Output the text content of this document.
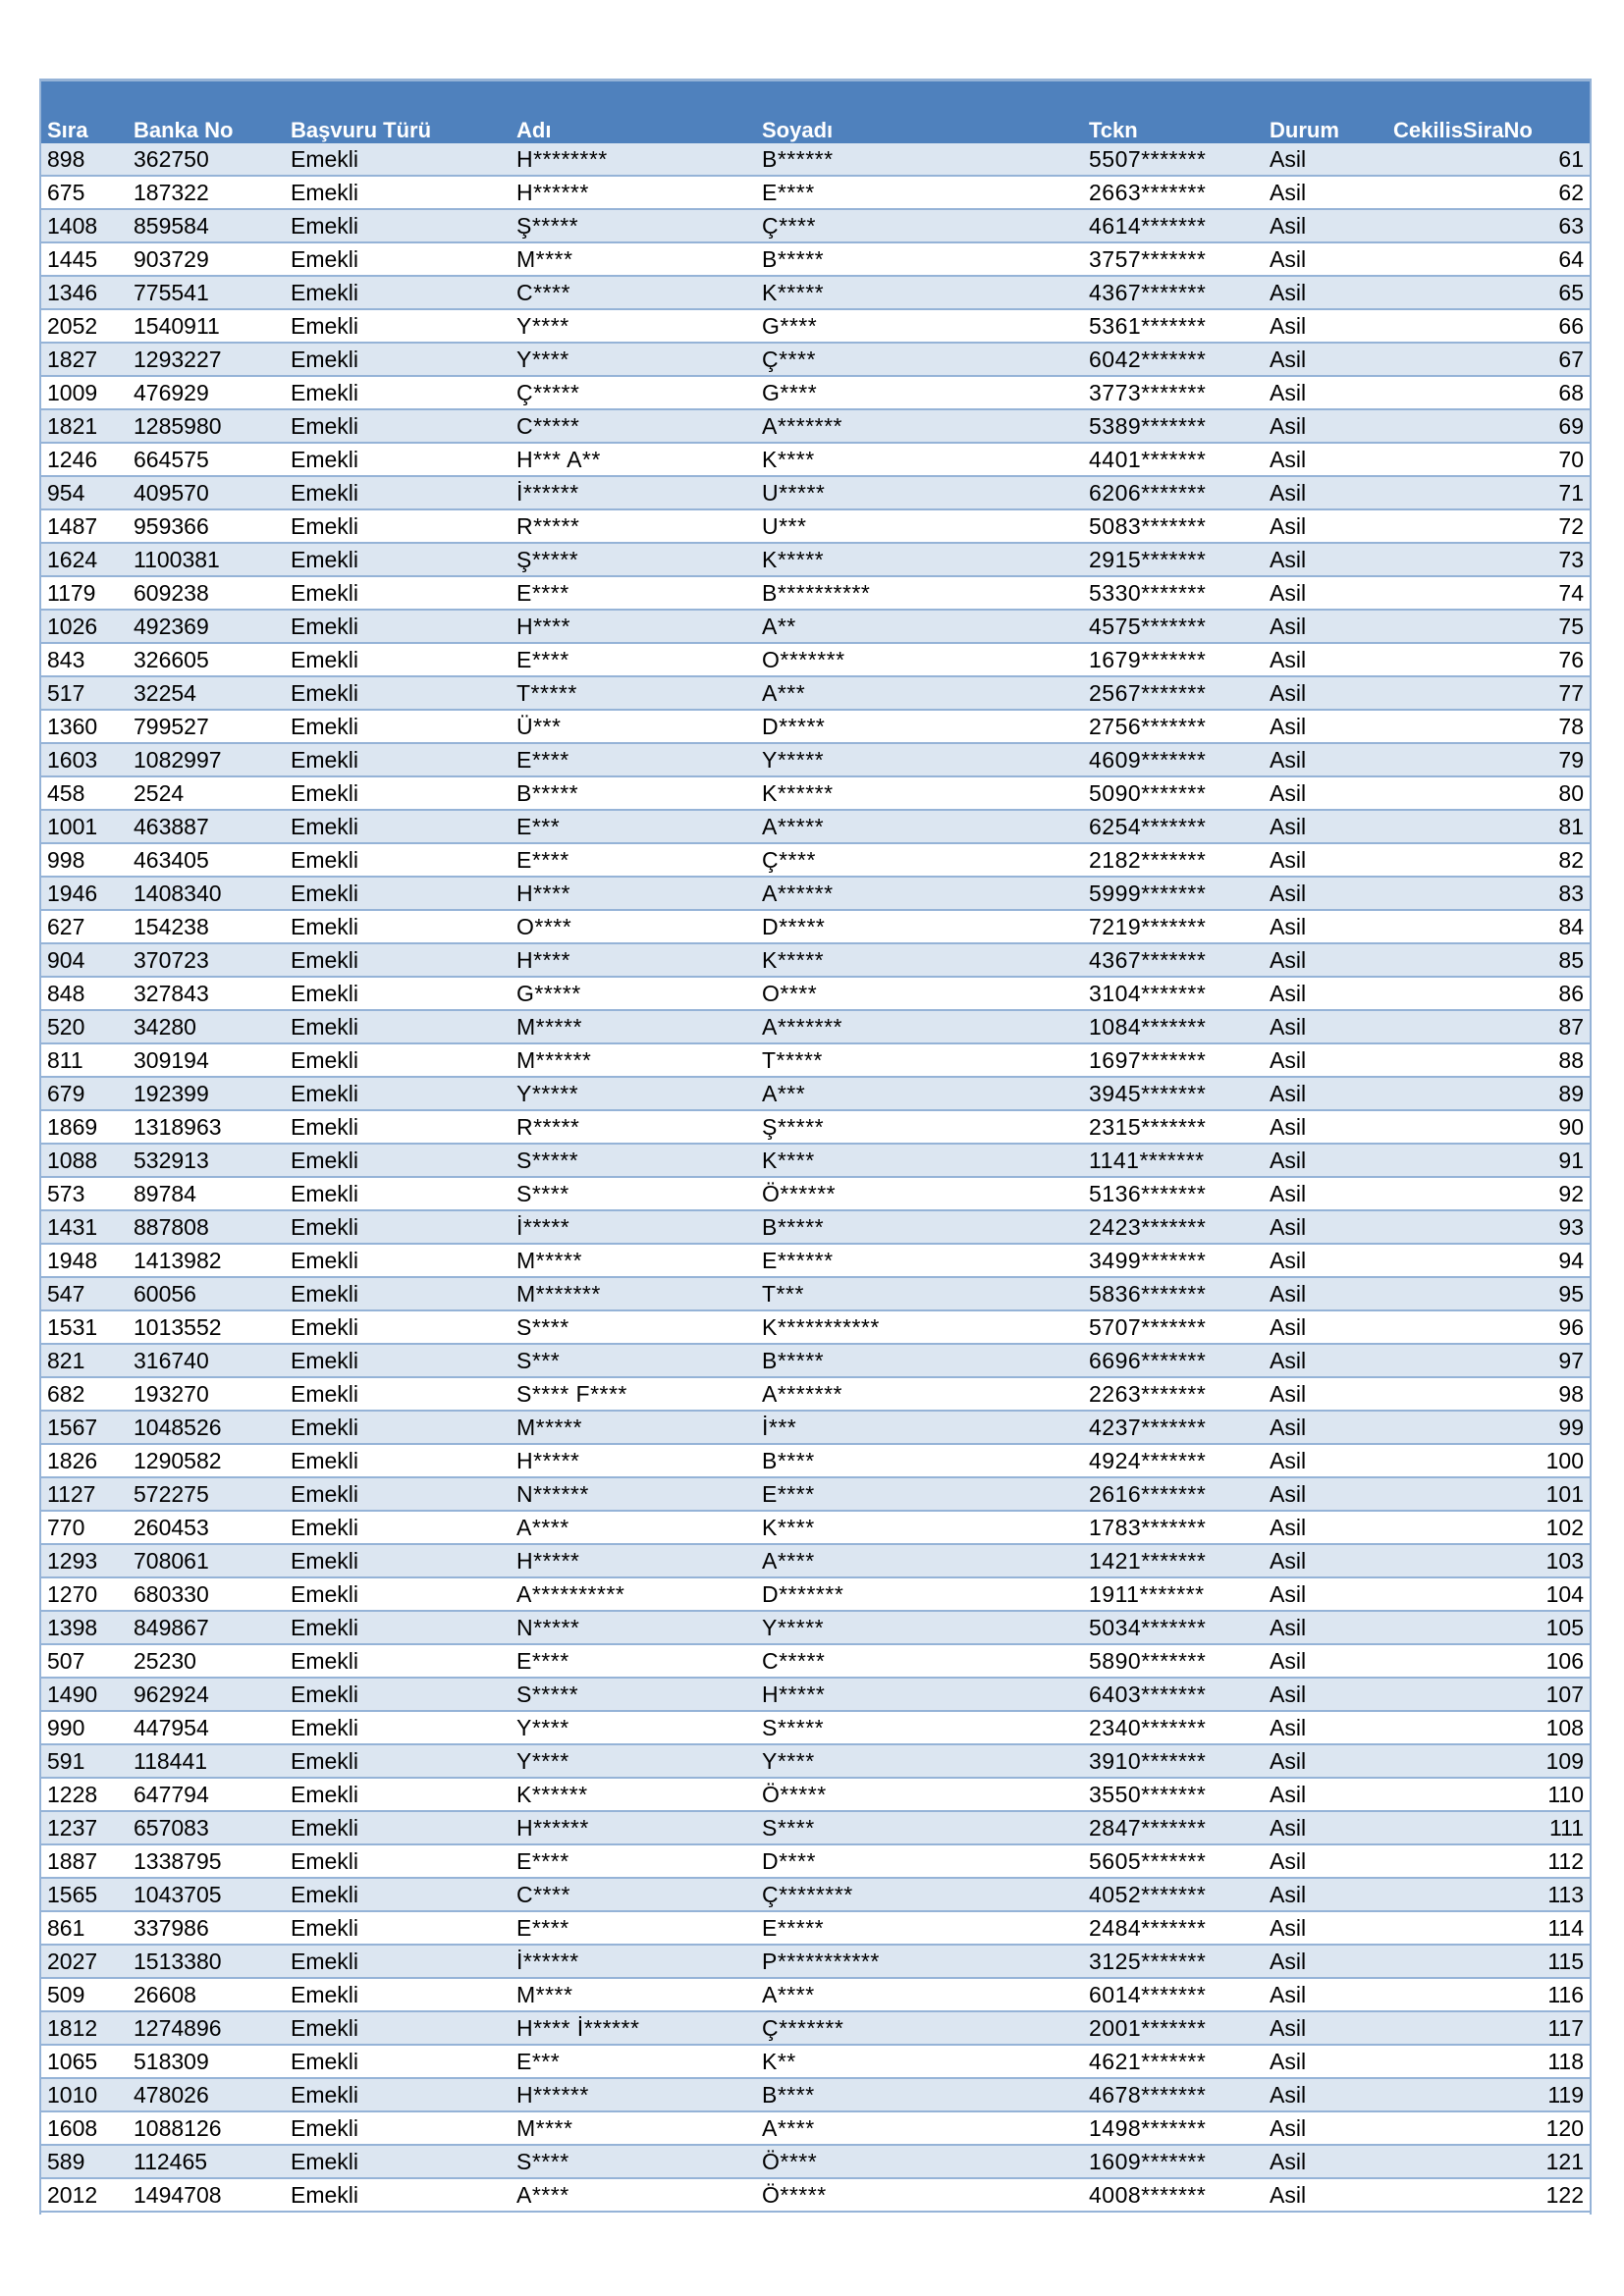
Sıra	Banka No	Başvuru Türü	Adı	Soyadı	Tckn	Durum	CekilisSiraNo
898	362750	Emekli	H********	B******	5507*******	Asil	61
675	187322	Emekli	H******	E****	2663*******	Asil	62
1408	859584	Emekli	Ş*****	Ç****	4614*******	Asil	63
1445	903729	Emekli	M****	B*****	3757*******	Asil	64
1346	775541	Emekli	C****	K*****	4367*******	Asil	65
2052	1540911	Emekli	Y****	G****	5361*******	Asil	66
1827	1293227	Emekli	Y****	Ç****	6042*******	Asil	67
1009	476929	Emekli	Ç*****	G****	3773*******	Asil	68
1821	1285980	Emekli	C*****	A*******	5389*******	Asil	69
1246	664575	Emekli	H*** A**	K****	4401*******	Asil	70
954	409570	Emekli	İ******	U*****	6206*******	Asil	71
1487	959366	Emekli	R*****	U***	5083*******	Asil	72
1624	1100381	Emekli	Ş*****	K*****	2915*******	Asil	73
1179	609238	Emekli	E****	B**********	5330*******	Asil	74
1026	492369	Emekli	H****	A**	4575*******	Asil	75
843	326605	Emekli	E****	O*******	1679*******	Asil	76
517	32254	Emekli	T*****	A***	2567*******	Asil	77
1360	799527	Emekli	Ü***	D*****	2756*******	Asil	78
1603	1082997	Emekli	E****	Y*****	4609*******	Asil	79
458	2524	Emekli	B*****	K******	5090*******	Asil	80
1001	463887	Emekli	E***	A*****	6254*******	Asil	81
998	463405	Emekli	E****	Ç****	2182*******	Asil	82
1946	1408340	Emekli	H****	A******	5999*******	Asil	83
627	154238	Emekli	O****	D*****	7219*******	Asil	84
904	370723	Emekli	H****	K*****	4367*******	Asil	85
848	327843	Emekli	G*****	O****	3104*******	Asil	86
520	34280	Emekli	M*****	A*******	1084*******	Asil	87
811	309194	Emekli	M******	T*****	1697*******	Asil	88
679	192399	Emekli	Y*****	A***	3945*******	Asil	89
1869	1318963	Emekli	R*****	Ş*****	2315*******	Asil	90
1088	532913	Emekli	S*****	K****	1141*******	Asil	91
573	89784	Emekli	S****	Ö******	5136*******	Asil	92
1431	887808	Emekli	İ*****	B*****	2423*******	Asil	93
1948	1413982	Emekli	M*****	E******	3499*******	Asil	94
547	60056	Emekli	M*******	T***	5836*******	Asil	95
1531	1013552	Emekli	S****	K***********	5707*******	Asil	96
821	316740	Emekli	S***	B*****	6696*******	Asil	97
682	193270	Emekli	S**** F****	A*******	2263*******	Asil	98
1567	1048526	Emekli	M*****	İ***	4237*******	Asil	99
1826	1290582	Emekli	H*****	B****	4924*******	Asil	100
1127	572275	Emekli	N******	E****	2616*******	Asil	101
770	260453	Emekli	A****	K****	1783*******	Asil	102
1293	708061	Emekli	H*****	A****	1421*******	Asil	103
1270	680330	Emekli	A**********	D*******	1911*******	Asil	104
1398	849867	Emekli	N*****	Y*****	5034*******	Asil	105
507	25230	Emekli	E****	C*****	5890*******	Asil	106
1490	962924	Emekli	S*****	H*****	6403*******	Asil	107
990	447954	Emekli	Y****	S*****	2340*******	Asil	108
591	118441	Emekli	Y****	Y****	3910*******	Asil	109
1228	647794	Emekli	K******	Ö*****	3550*******	Asil	110
1237	657083	Emekli	H******	S****	2847*******	Asil	111
1887	1338795	Emekli	E****	D****	5605*******	Asil	112
1565	1043705	Emekli	C****	Ç********	4052*******	Asil	113
861	337986	Emekli	E****	E*****	2484*******	Asil	114
2027	1513380	Emekli	İ******	P***********	3125*******	Asil	115
509	26608	Emekli	M****	A****	6014*******	Asil	116
1812	1274896	Emekli	H**** İ******	Ç*******	2001*******	Asil	117
1065	518309	Emekli	E***	K**	4621*******	Asil	118
1010	478026	Emekli	H******	B****	4678*******	Asil	119
1608	1088126	Emekli	M****	A****	1498*******	Asil	120
589	112465	Emekli	S****	Ö****	1609*******	Asil	121
2012	1494708	Emekli	A****	Ö*****	4008*******	Asil	122
